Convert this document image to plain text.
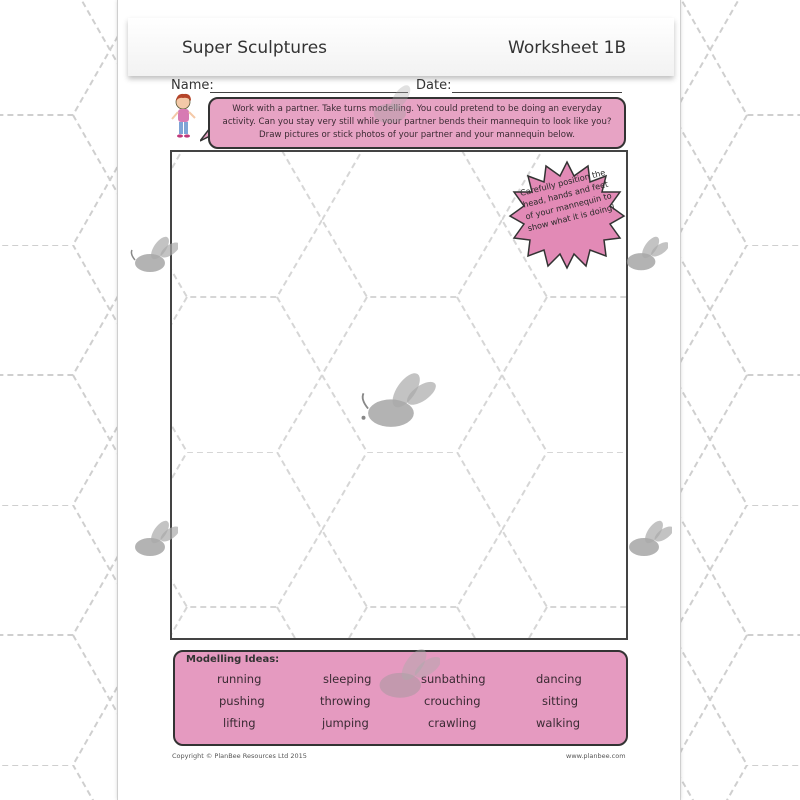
Super Sculptures	Worksheet 1B
Name:	Date:
Work with a partner. Take turns modelling. You could pretend to be doing an everyday activity. Can you stay very still while your partner bends their mannequin to look like you? Draw pictures or stick photos of your partner and your mannequin below.
Carefully position the head, hands and feet of your mannequin to show what it is doing!
Modelling Ideas:
running	sleeping	sunbathing	dancing
pushing	throwing	crouching	sitting
lifting	jumping	crawling	walking
Copyright © PlanBee Resources Ltd 2015	www.planbee.com
